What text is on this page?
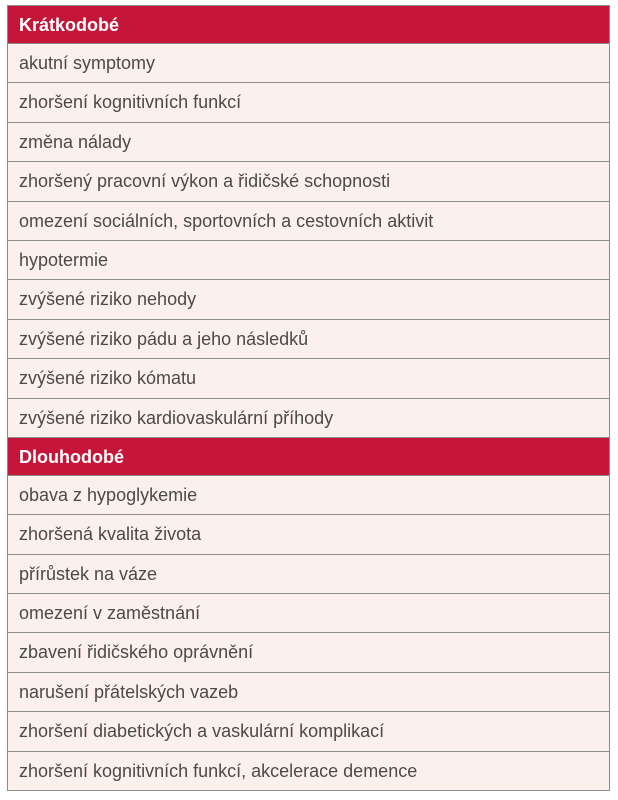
Krátkodobé
akutní symptomy
zhoršení kognitivních funkcí
změna nálady
zhoršený pracovní výkon a řidičské schopnosti
omezení sociálních, sportovních a cestovních aktivit
hypotermie
zvýšené riziko nehody
zvýšené riziko pádu a jeho následků
zvýšené riziko kómatu
zvýšené riziko kardiovaskulární příhody
Dlouhodobé
obava z hypoglykemie
zhoršená kvalita života
přírůstek na váze
omezení v zaměstnání
zbavení řidičského oprávnění
narušení přátelských vazeb
zhoršení diabetických a vaskulární komplikací
zhoršení kognitivních funkcí, akcelerace demence
